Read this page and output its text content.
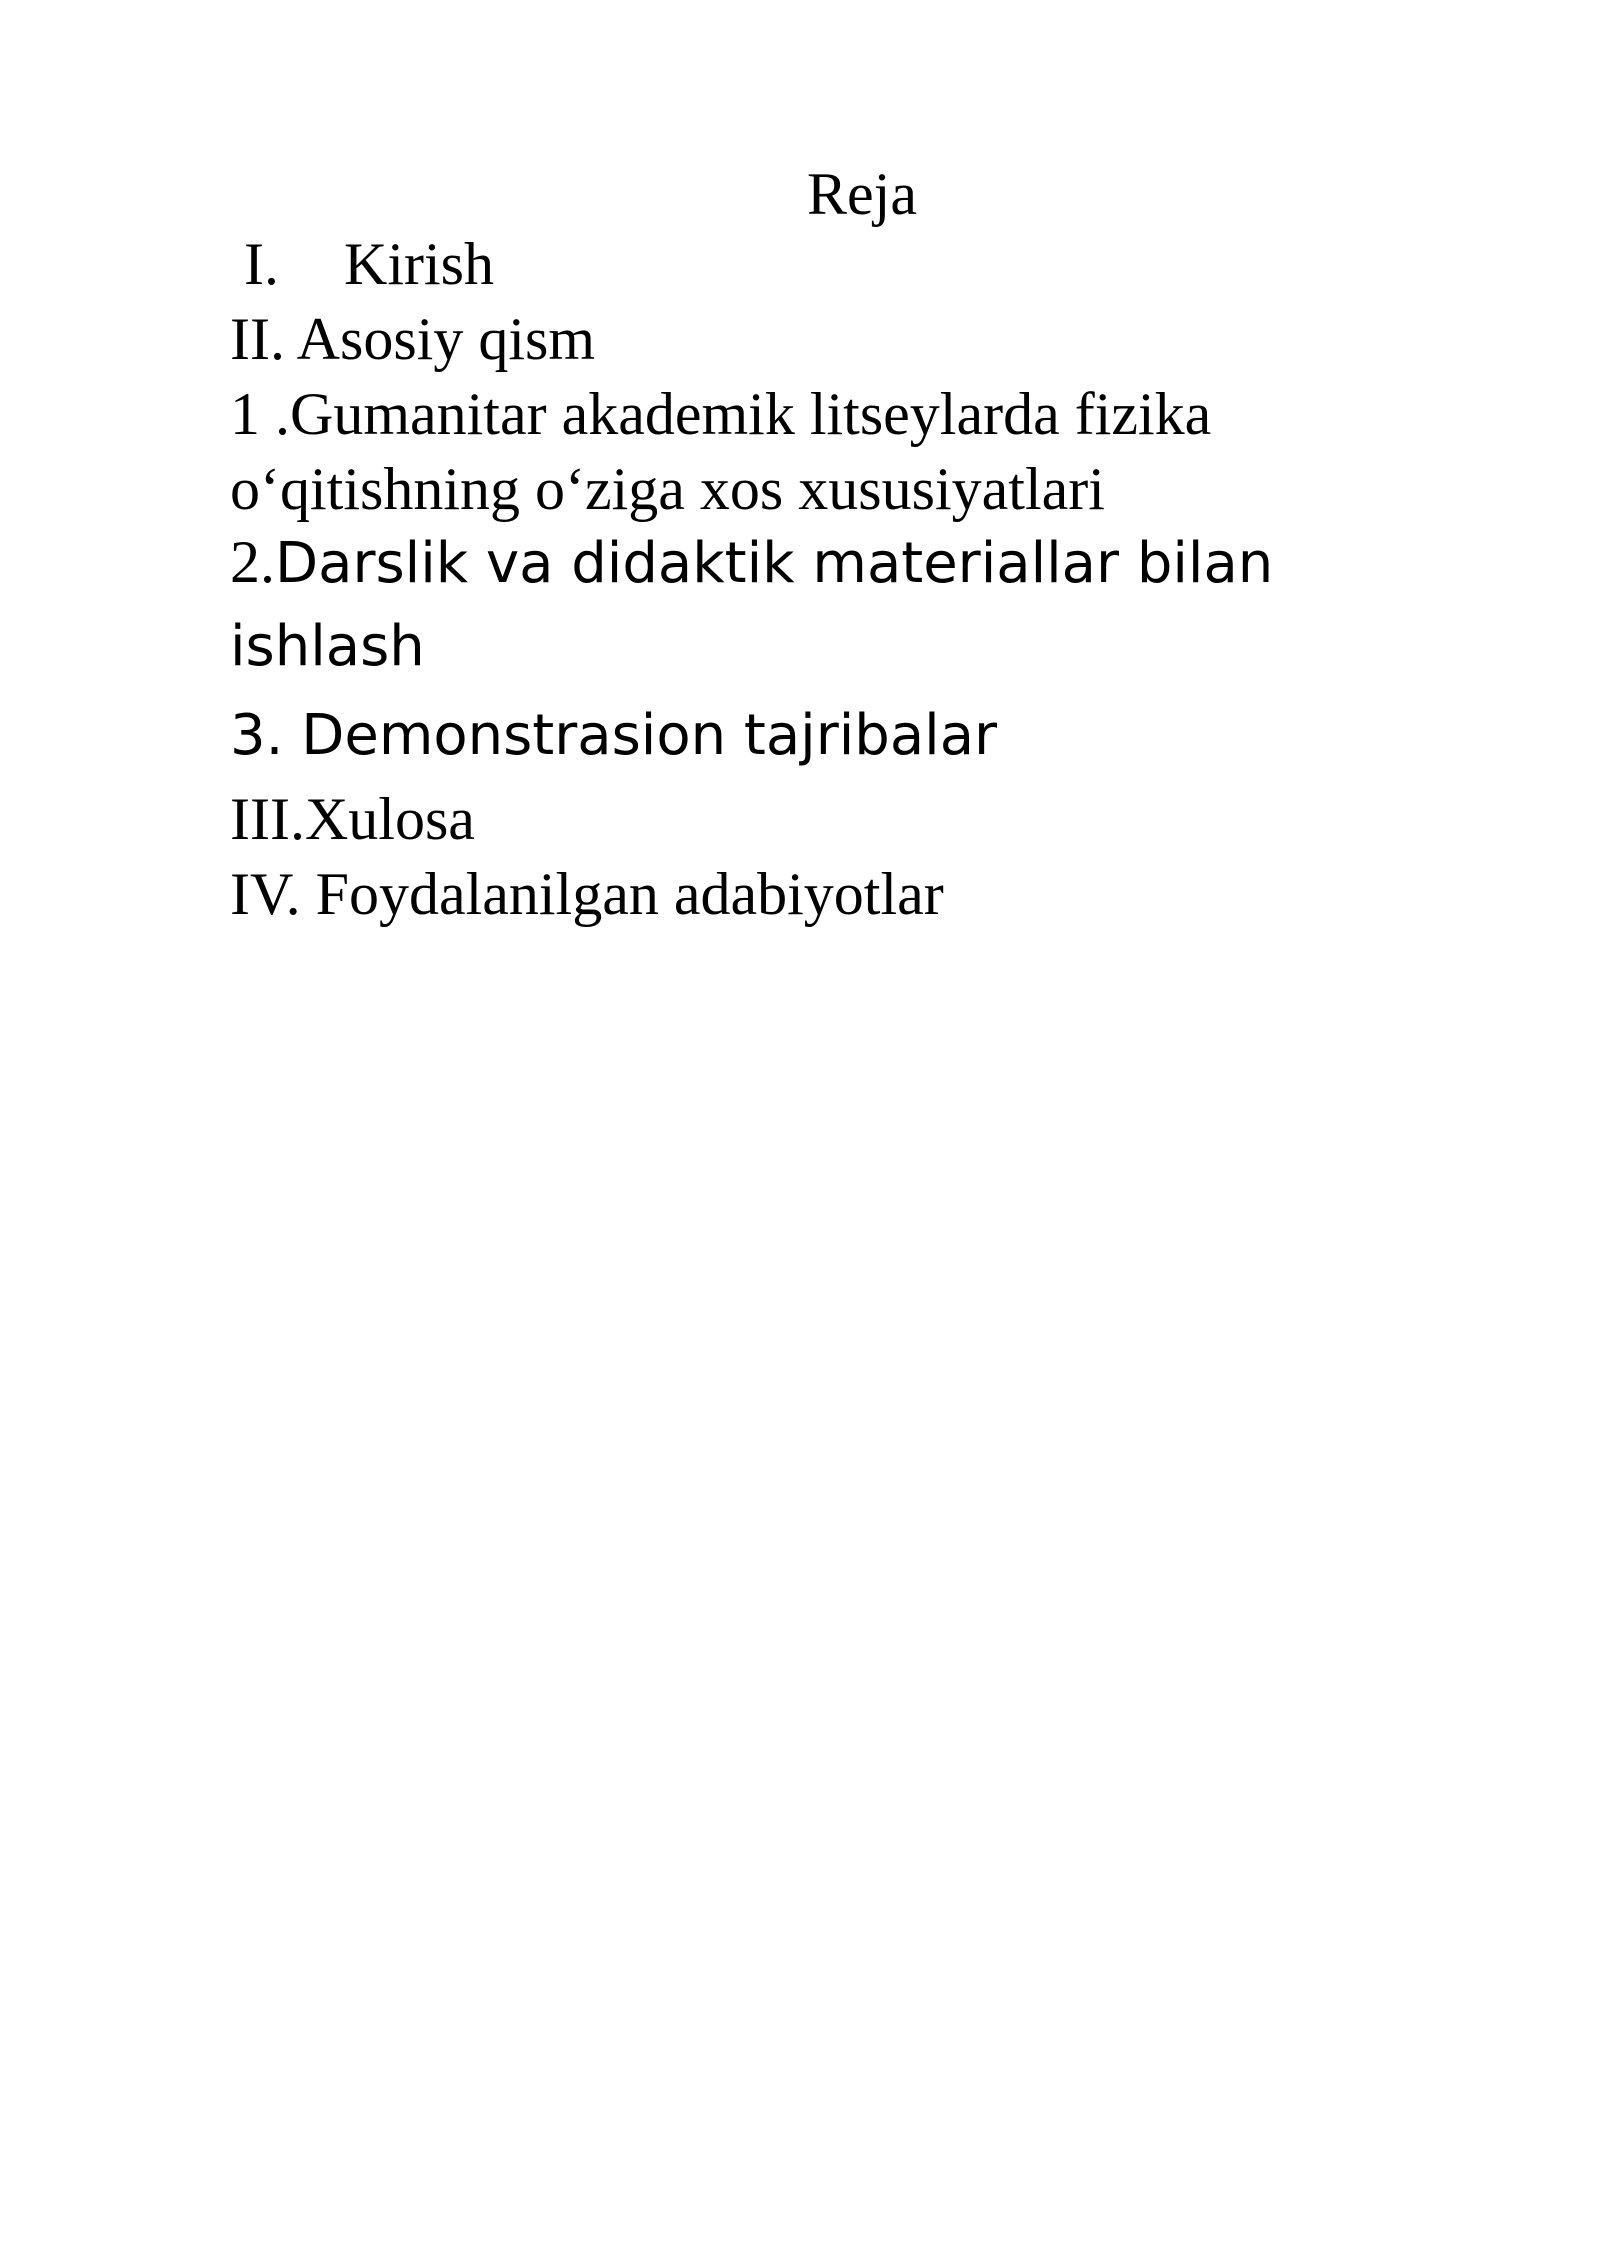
Reja
I. Kirish
II. Asosiy qism
1 .Gumanitar akademik litseylarda fizika
o‘qitishning o‘ziga xos xususiyatlari
2.Darslik va didaktik materiallar bilan
ishlash
3. Demonstrasion tajribalar
III.Xulosa
IV. Foydalanilgan adabiyotlar
